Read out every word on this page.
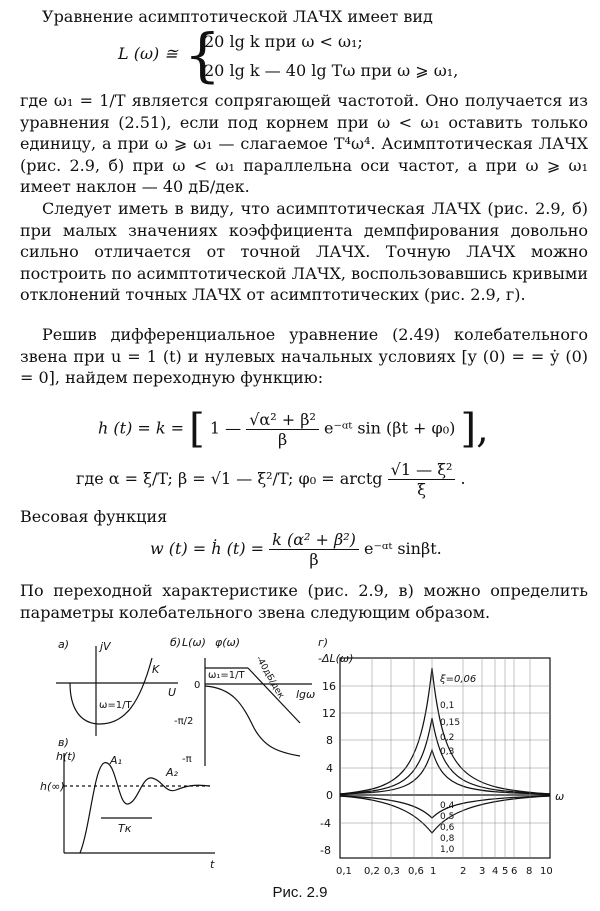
Уравнение асимптотической ЛАЧХ имеет вид

L (ω) ≅ {
20 lg k при ω < ω₁;
20 lg k — 40 lg Tω при ω ⩾ ω₁,

где ω₁ = 1/T является сопрягающей частотой. Оно получается из уравнения (2.51), если под корнем при ω < ω₁ оставить только единицу, а при ω ⩾ ω₁ — слагаемое T⁴ω⁴. Асимптотическая ЛАЧХ (рис. 2.9, б) при ω < ω₁ параллельна оси частот, а при ω ⩾ ω₁ имеет наклон — 40 дБ/дек.

Следует иметь в виду, что асимптотическая ЛАЧХ (рис. 2.9, б) при малых значениях коэффициента демпфирования довольно сильно отличается от точной ЛАЧХ. Точную ЛАЧХ можно построить по асимптотической ЛАЧХ, воспользовавшись кривыми отклонений точных ЛАЧХ от асимптотических (рис. 2.9, г).

Решив дифференциальное уравнение (2.49) колебательного звена при u = 1 (t) и нулевых начальных условиях [y (0) = = ẏ (0) = 0], найдем переходную функцию:

h (t) = k = [ 1 — $\frac{\text{√α² + β²}}{\beta}$ e⁻ᵅᵗ sin (βt + φ₀) ],
где α = ξ/T; β = √1 — ξ²/T; φ₀ = arctg $\frac{\text{√1 — ξ²}}{\xi}$ .

Весовая функция

w (t) = ḣ $(t) = \frac{\text{k (α² + β²)}}{\beta}$ e⁻ᵅᵗ sinβt.

По переходной характеристике (рис. 2.9, в) можно определить параметры колебательного звена следующим образом.

а)	jV
U
K
ω=1/T
б) L(ω) φ(ω)
-40дБ/дек
ω₁=1/T
lgω
0
-π/2
-π
в)
h(t)
h(∞)
A₁
A₂
Tк
t
г)
-ΔL(ω)
ω
16
12
8
4
0
-4
-8
0,1 0,2 0,3 0,6 1 2 3 4 5 6 8 10
ξ=0,06
0,1
0,15
0,2
0,3
0,4
0,5
0,6
0,8
1,0
Рис. 2.9
